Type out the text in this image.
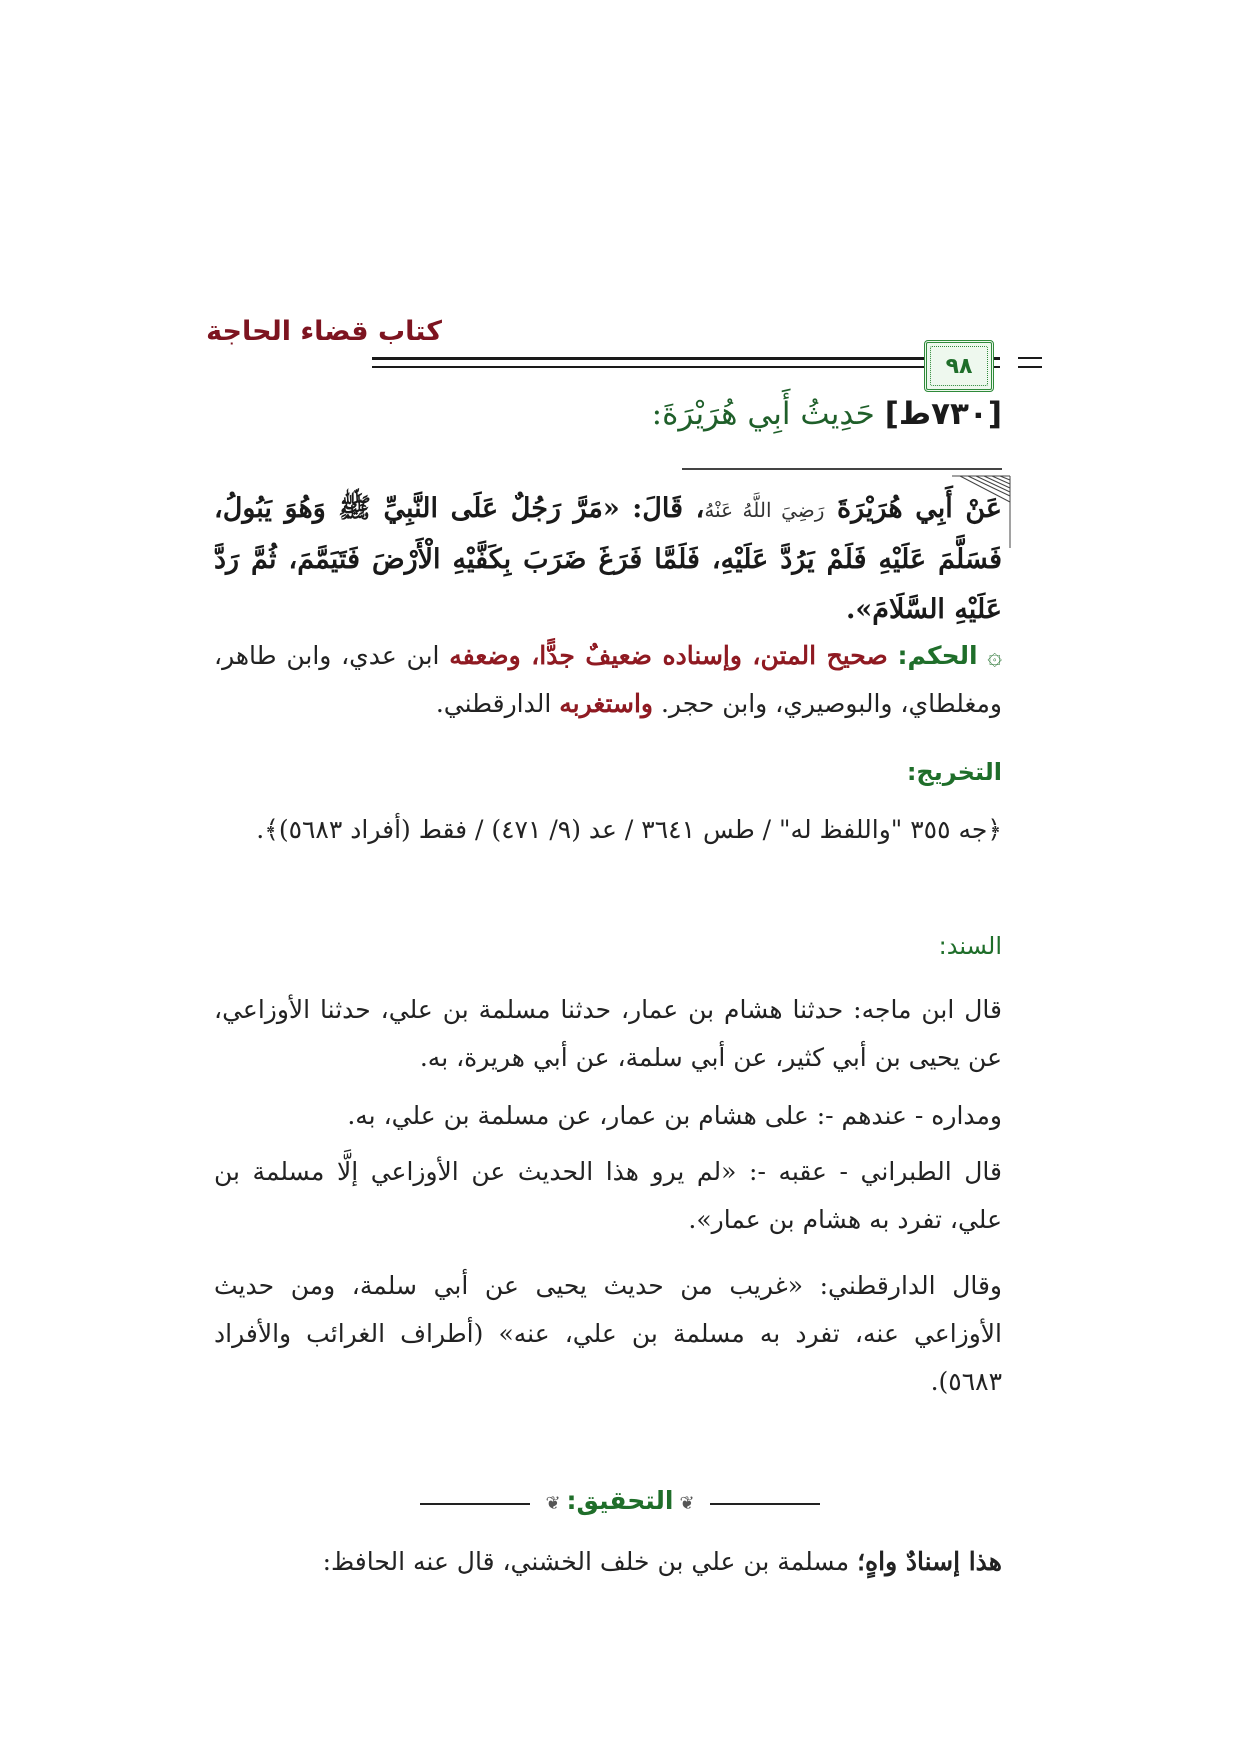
كتاب قضاء الحاجة
٩٨
[٧٣٠ط] حَدِيثُ أَبِي هُرَيْرَةَ:
عَنْ أَبِي هُرَيْرَةَ رَضِيَ اللَّهُ عَنْهُ، قَالَ: «مَرَّ رَجُلٌ عَلَى النَّبِيِّ ﷺ وَهُوَ يَبُولُ، فَسَلَّمَ عَلَيْهِ فَلَمْ يَرُدَّ عَلَيْهِ، فَلَمَّا فَرَغَ ضَرَبَ بِكَفَّيْهِ الْأَرْضَ فَتَيَمَّمَ، ثُمَّ رَدَّ عَلَيْهِ السَّلَامَ».
۞ الحكم: صحيح المتن، وإسناده ضعيفٌ جدًّا، وضعفه ابن عدي، وابن طاهر، ومغلطاي، والبوصيري، وابن حجر. واستغربه الدارقطني.
التخريج:
﴿جه ٣٥٥ "واللفظ له" / طس ٣٦٤١ / عد (٩/ ٤٧١) / فقط (أفراد ٥٦٨٣)﴾.
السند:
قال ابن ماجه: حدثنا هشام بن عمار، حدثنا مسلمة بن علي، حدثنا الأوزاعي، عن يحيى بن أبي كثير، عن أبي سلمة، عن أبي هريرة، به.
ومداره - عندهم -: على هشام بن عمار، عن مسلمة بن علي، به.
قال الطبراني - عقبه -: «لم يرو هذا الحديث عن الأوزاعي إلَّا مسلمة بن علي، تفرد به هشام بن عمار».
وقال الدارقطني: «غريب من حديث يحيى عن أبي سلمة، ومن حديث الأوزاعي عنه، تفرد به مسلمة بن علي، عنه» (أطراف الغرائب والأفراد ٥٦٨٣).
❦التحقيق:❦
هذا إسنادٌ واهٍ؛ مسلمة بن علي بن خلف الخشني، قال عنه الحافظ:
